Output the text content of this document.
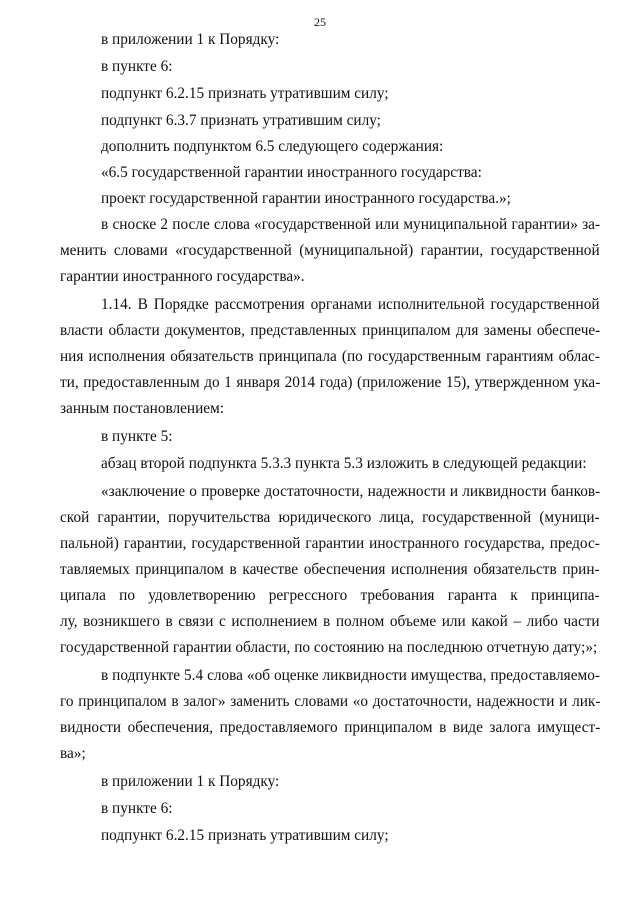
25
в приложении 1 к Порядку:
в пункте 6:
подпункт 6.2.15 признать утратившим силу;
подпункт 6.3.7 признать утратившим силу;
дополнить подпунктом 6.5 следующего содержания:
«6.5 государственной гарантии иностранного государства:
проект государственной гарантии иностранного государства.»;
в сноске 2 после слова «государственной или муниципальной гарантии» за-
менить словами «государственной (муниципальной) гарантии, государственной
гарантии иностранного государства».
1.14. В Порядке рассмотрения органами исполнительной государственной
власти области документов, представленных принципалом для замены обеспече-
ния исполнения обязательств принципала (по государственным гарантиям облас-
ти, предоставленным до 1 января 2014 года) (приложение 15), утвержденном ука-
занным постановлением:
в пункте 5:
абзац второй подпункта 5.3.3 пункта 5.3 изложить в следующей редакции:
«заключение о проверке достаточности, надежности и ликвидности банков-
ской гарантии, поручительства юридического лица, государственной (муници-
пальной) гарантии, государственной гарантии иностранного государства, предос-
тавляемых принципалом в качестве обеспечения исполнения обязательств прин-
ципала по удовлетворению регрессного требования гаранта к принципа-
лу, возникшего в связи с исполнением в полном объеме или какой – либо части
государственной гарантии области, по состоянию на последнюю отчетную дату;»;
в подпункте 5.4 слова «об оценке ликвидности имущества, предоставляемо-
го принципалом в залог» заменить словами «о достаточности, надежности и лик-
видности обеспечения, предоставляемого принципалом в виде залога имущест-
ва»;
в приложении 1 к Порядку:
в пункте 6:
подпункт 6.2.15 признать утратившим силу;
